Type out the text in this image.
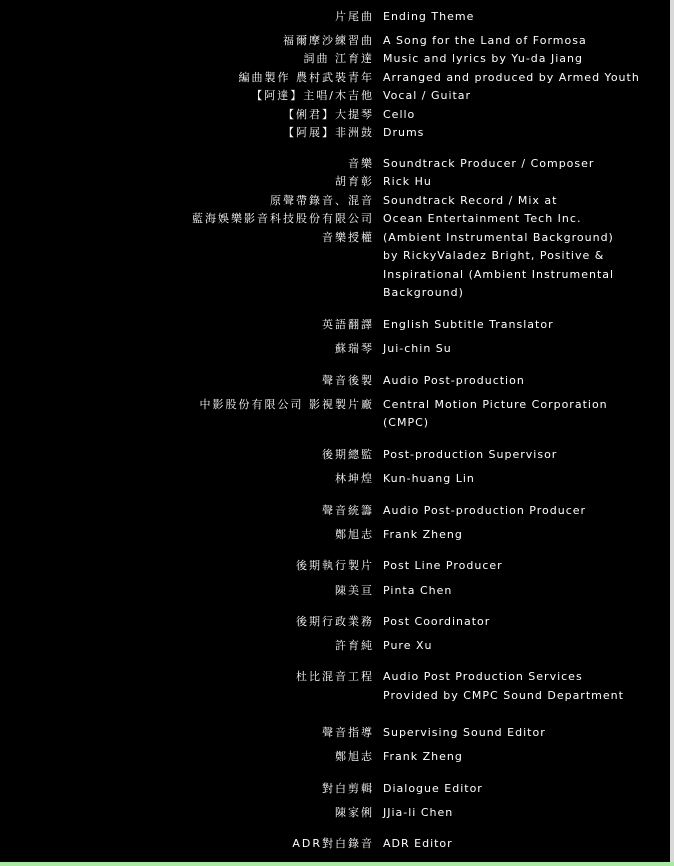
片尾曲 Ending Theme
福爾摩沙練習曲 A Song for the Land of Formosa
詞曲 江育達 Music and lyrics by Yu-da Jiang
編曲製作 農村武裝青年 Arranged and produced by Armed Youth
【阿達】主唱/木吉他 Vocal / Guitar
【俐君】大提琴 Cello
【阿展】非洲鼓 Drums
音樂 Soundtrack Producer / Composer
胡育彰 Rick Hu
原聲帶錄音、混音 Soundtrack Record / Mix at
藍海娛樂影音科技股份有限公司 Ocean Entertainment Tech Inc.
音樂授權 (Ambient Instrumental Background)
by RickyValadez Bright, Positive &
Inspirational (Ambient Instrumental
Background)
英語翻譯 English Subtitle Translator
蘇瑞琴 Jui-chin Su
聲音後製 Audio Post-production
中影股份有限公司 影視製片廠 Central Motion Picture Corporation
(CMPC)
後期總監 Post-production Supervisor
林坤煌 Kun-huang Lin
聲音統籌 Audio Post-production Producer
鄭旭志 Frank Zheng
後期執行製片 Post Line Producer
陳美亘 Pinta Chen
後期行政業務 Post Coordinator
許育純 Pure Xu
杜比混音工程 Audio Post Production Services
Provided by CMPC Sound Department
聲音指導 Supervising Sound Editor
鄭旭志 Frank Zheng
對白剪輯 Dialogue Editor
陳家俐 JJia-li Chen
ADR對白錄音 ADR Editor
